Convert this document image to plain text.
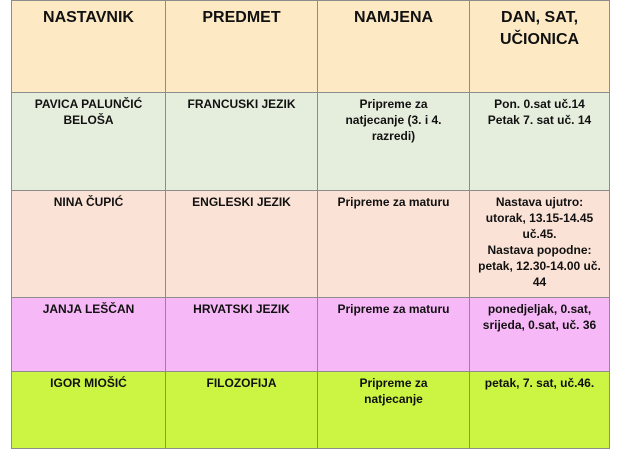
NASTAVNIK	PREDMET	NAMJENA	DAN, SAT, UČIONICA

PAVICA PALUNČIĆ BELOŠA	FRANCUSKI JEZIK	Pripreme za natjecanje (3. i 4. razredi)	Pon. 0.sat uč.14
Petak 7. sat uč. 14

NINA ČUPIĆ	ENGLESKI JEZIK	Pripreme za maturu	Nastava ujutro: utorak, 13.15-14.45 uč.45.
Nastava popodne: petak, 12.30-14.00 uč. 44

JANJA LEŠČAN	HRVATSKI JEZIK	Pripreme za maturu	ponedjeljak, 0.sat, srijeda, 0.sat, uč. 36

IGOR MIOŠIĆ	FILOZOFIJA	Pripreme za natjecanje	petak, 7. sat, uč.46.
